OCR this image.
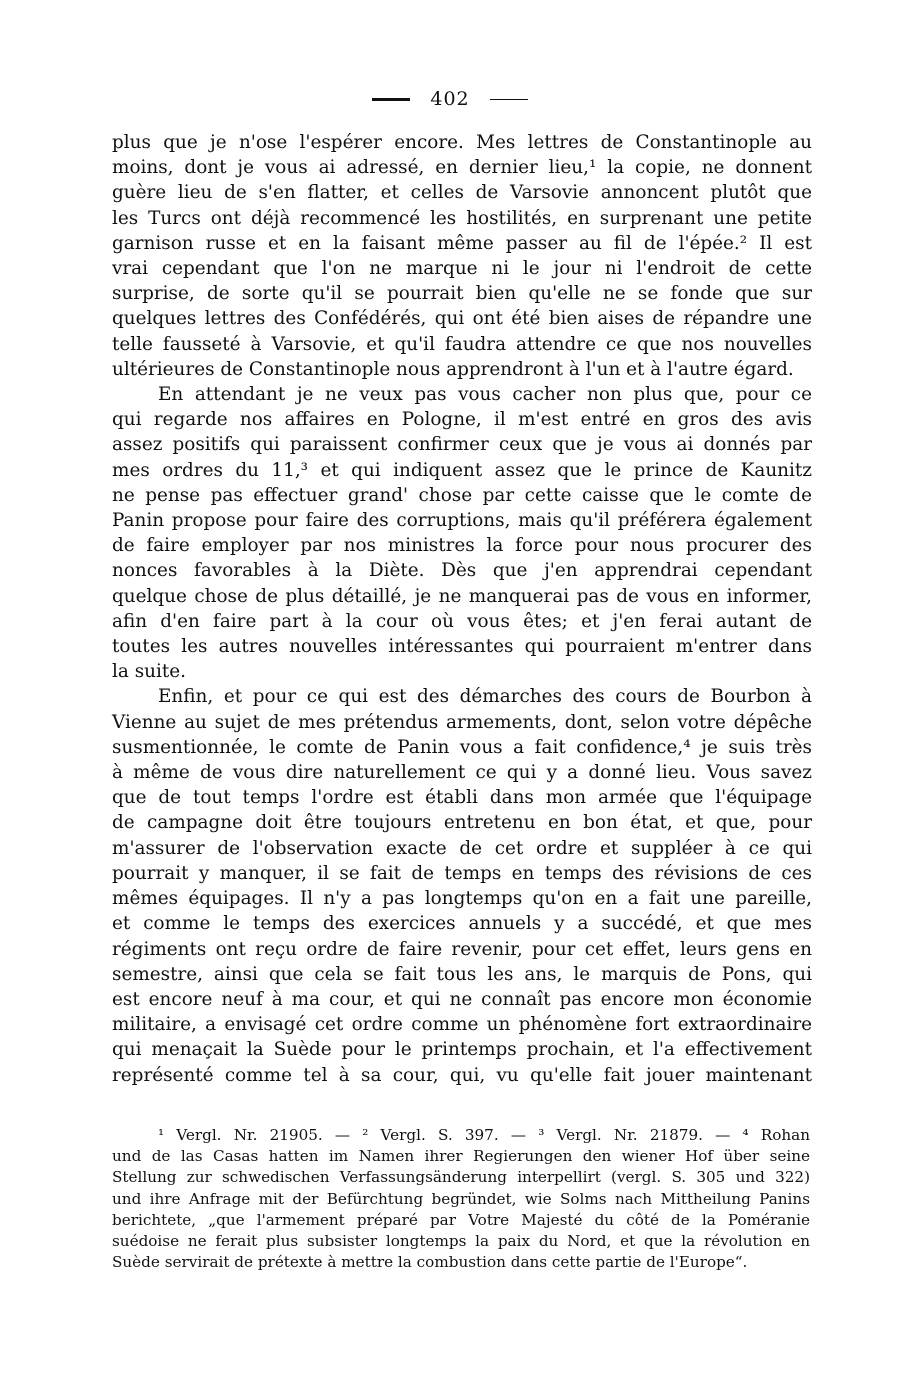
402
plus que je n'ose l'espérer encore. Mes lettres de Constantinople au
moins, dont je vous ai adressé, en dernier lieu,¹ la copie, ne donnent
guère lieu de s'en flatter, et celles de Varsovie annoncent plutôt que
les Turcs ont déjà recommencé les hostilités, en surprenant une petite
garnison russe et en la faisant même passer au fil de l'épée.² Il est
vrai cependant que l'on ne marque ni le jour ni l'endroit de cette
surprise, de sorte qu'il se pourrait bien qu'elle ne se fonde que sur
quelques lettres des Confédérés, qui ont été bien aises de répandre une
telle fausseté à Varsovie, et qu'il faudra attendre ce que nos nouvelles
ultérieures de Constantinople nous apprendront à l'un et à l'autre égard.
En attendant je ne veux pas vous cacher non plus que, pour ce
qui regarde nos affaires en Pologne, il m'est entré en gros des avis
assez positifs qui paraissent confirmer ceux que je vous ai donnés par
mes ordres du 11,³ et qui indiquent assez que le prince de Kaunitz
ne pense pas effectuer grand' chose par cette caisse que le comte de
Panin propose pour faire des corruptions, mais qu'il préférera également
de faire employer par nos ministres la force pour nous procurer des
nonces favorables à la Diète. Dès que j'en apprendrai cependant
quelque chose de plus détaillé, je ne manquerai pas de vous en informer,
afin d'en faire part à la cour où vous êtes; et j'en ferai autant de
toutes les autres nouvelles intéressantes qui pourraient m'entrer dans
la suite.
Enfin, et pour ce qui est des démarches des cours de Bourbon à
Vienne au sujet de mes prétendus armements, dont, selon votre dépêche
susmentionnée, le comte de Panin vous a fait confidence,⁴ je suis très
à même de vous dire naturellement ce qui y a donné lieu. Vous savez
que de tout temps l'ordre est établi dans mon armée que l'équipage
de campagne doit être toujours entretenu en bon état, et que, pour
m'assurer de l'observation exacte de cet ordre et suppléer à ce qui
pourrait y manquer, il se fait de temps en temps des révisions de ces
mêmes équipages. Il n'y a pas longtemps qu'on en a fait une pareille,
et comme le temps des exercices annuels y a succédé, et que mes
régiments ont reçu ordre de faire revenir, pour cet effet, leurs gens en
semestre, ainsi que cela se fait tous les ans, le marquis de Pons, qui
est encore neuf à ma cour, et qui ne connaît pas encore mon économie
militaire, a envisagé cet ordre comme un phénomène fort extraordinaire
qui menaçait la Suède pour le printemps prochain, et l'a effectivement
représenté comme tel à sa cour, qui, vu qu'elle fait jouer maintenant
¹ Vergl. Nr. 21905. — ² Vergl. S. 397. — ³ Vergl. Nr. 21879. — ⁴ Rohan
und de las Casas hatten im Namen ihrer Regierungen den wiener Hof über seine
Stellung zur schwedischen Verfassungsänderung interpellirt (vergl. S. 305 und 322)
und ihre Anfrage mit der Befürchtung begründet, wie Solms nach Mittheilung Panins
berichtete, „que l'armement préparé par Votre Majesté du côté de la Poméranie
suédoise ne ferait plus subsister longtemps la paix du Nord, et que la révolution en
Suède servirait de prétexte à mettre la combustion dans cette partie de l'Europe“.
